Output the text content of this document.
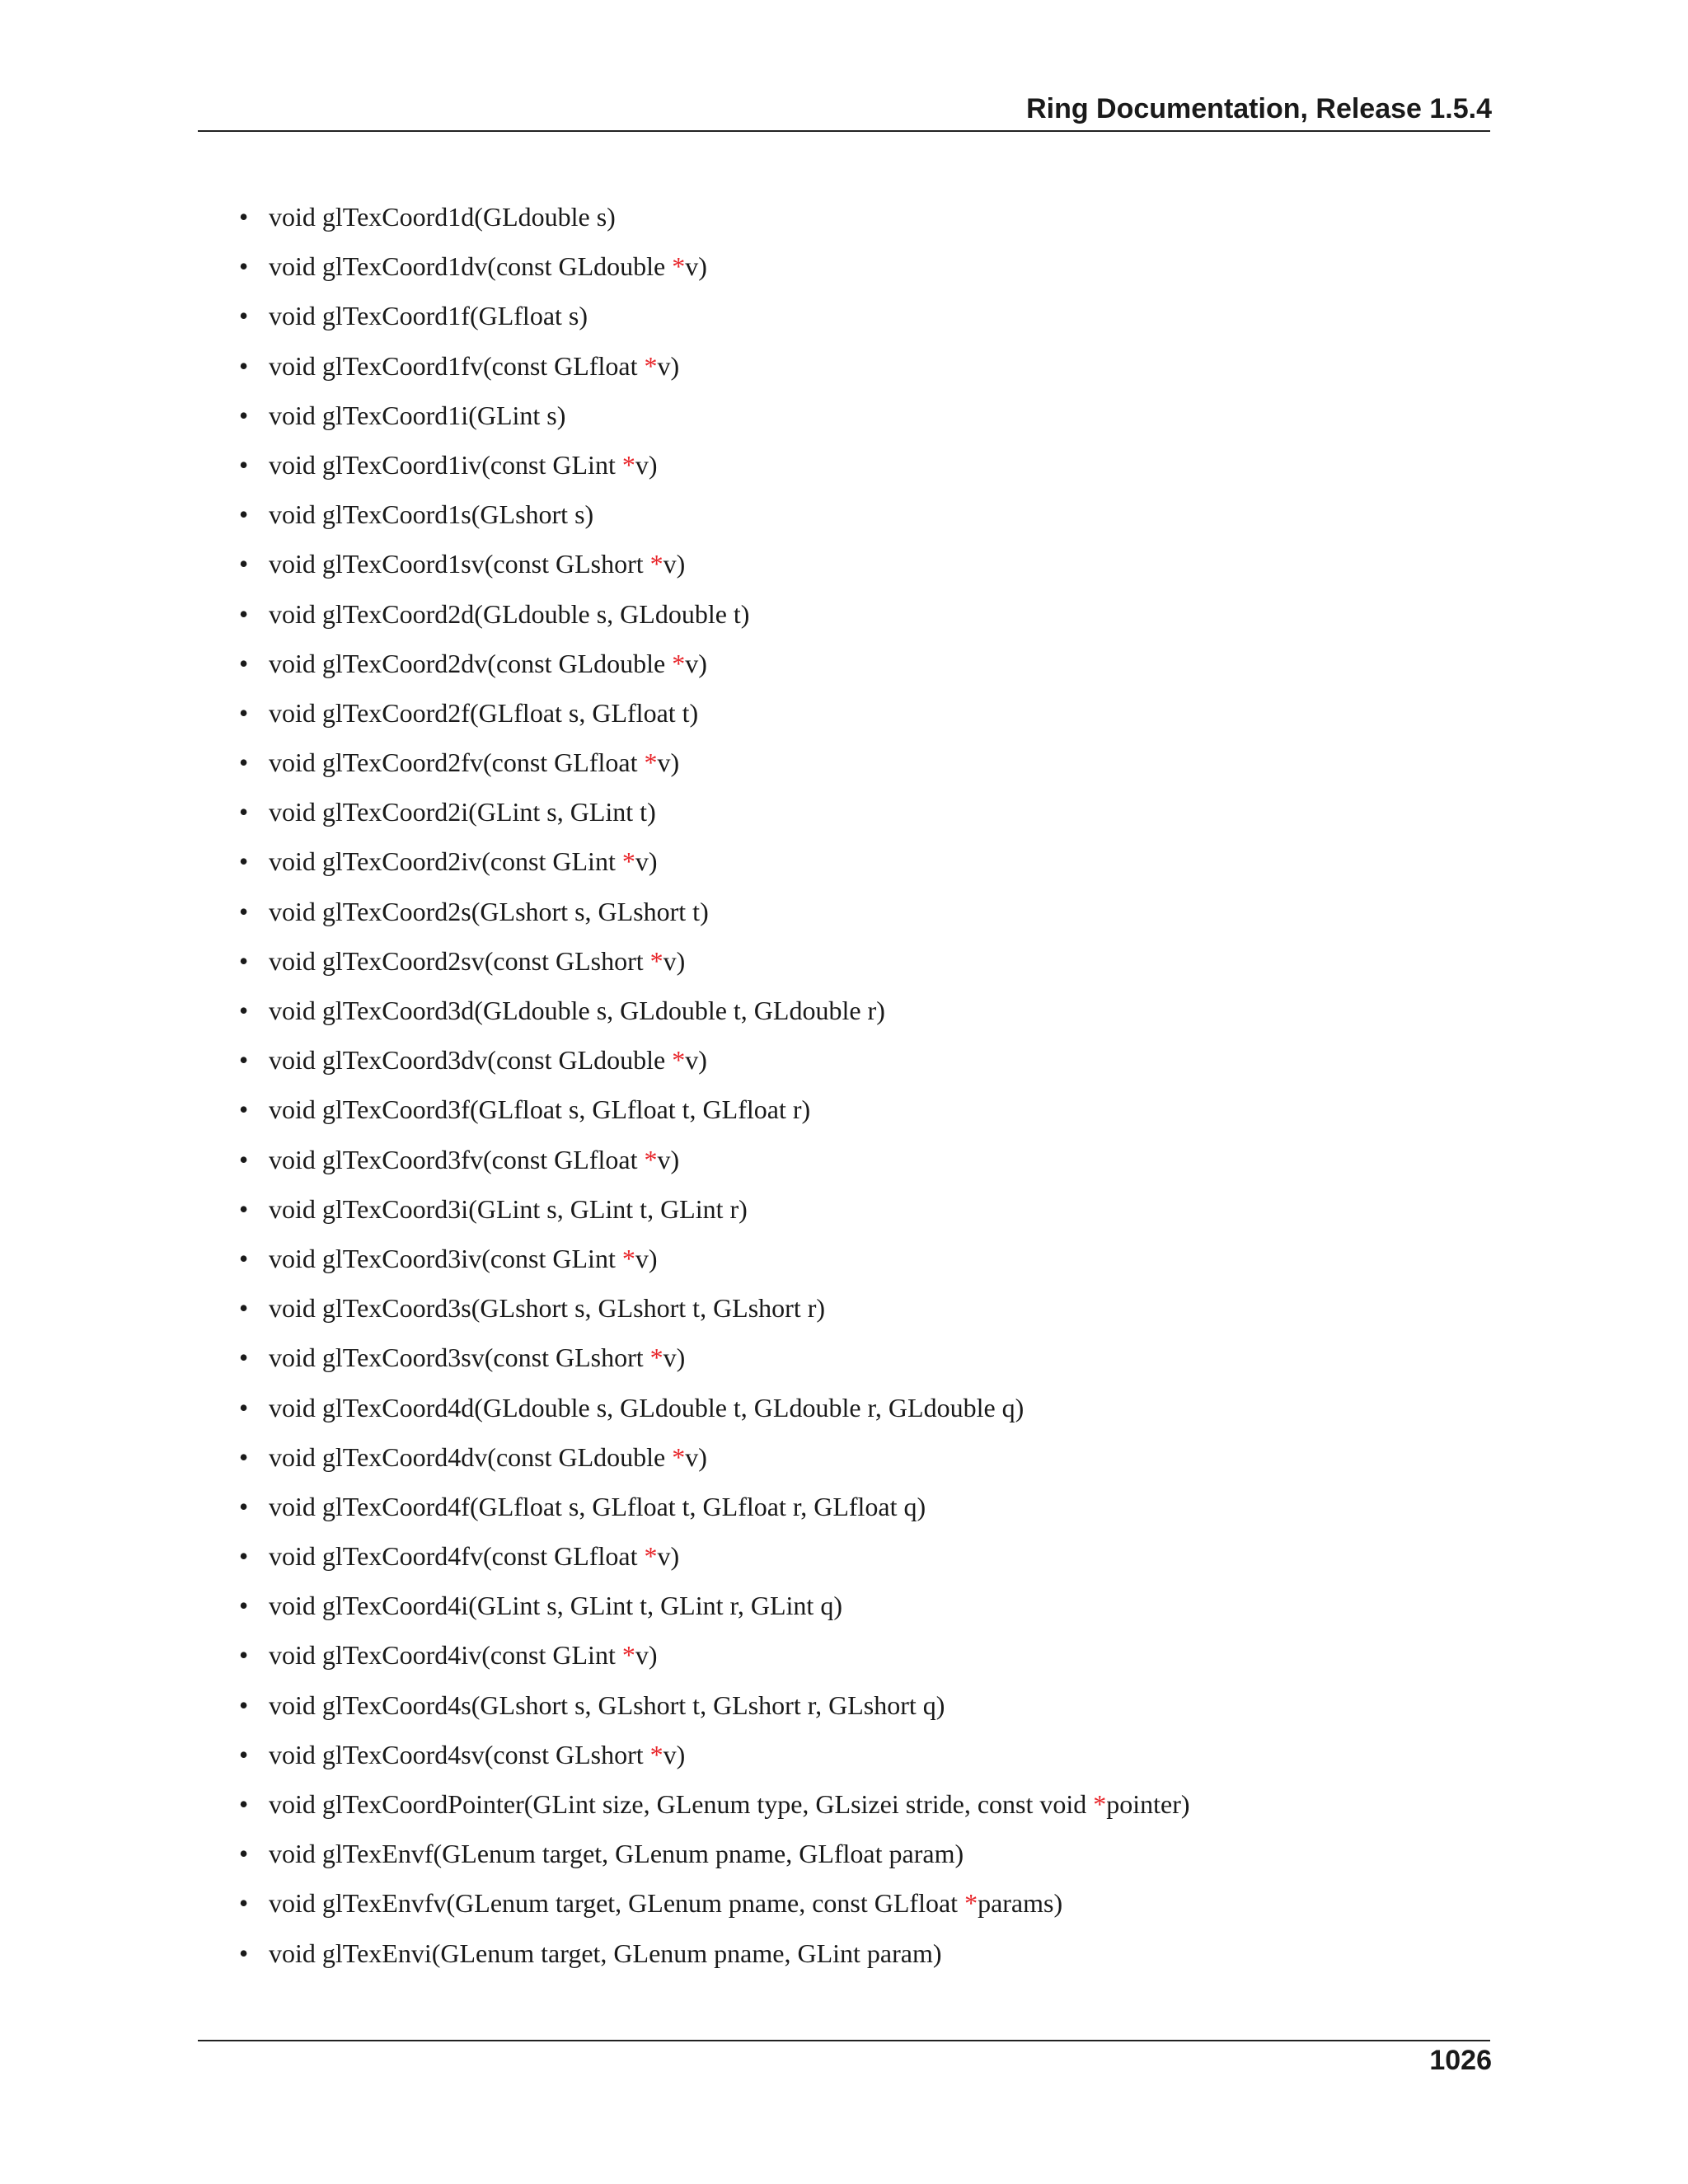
Ring Documentation, Release 1.5.4
• void glTexCoord1d(GLdouble s)
• void glTexCoord1dv(const GLdouble *v)
• void glTexCoord1f(GLfloat s)
• void glTexCoord1fv(const GLfloat *v)
• void glTexCoord1i(GLint s)
• void glTexCoord1iv(const GLint *v)
• void glTexCoord1s(GLshort s)
• void glTexCoord1sv(const GLshort *v)
• void glTexCoord2d(GLdouble s, GLdouble t)
• void glTexCoord2dv(const GLdouble *v)
• void glTexCoord2f(GLfloat s, GLfloat t)
• void glTexCoord2fv(const GLfloat *v)
• void glTexCoord2i(GLint s, GLint t)
• void glTexCoord2iv(const GLint *v)
• void glTexCoord2s(GLshort s, GLshort t)
• void glTexCoord2sv(const GLshort *v)
• void glTexCoord3d(GLdouble s, GLdouble t, GLdouble r)
• void glTexCoord3dv(const GLdouble *v)
• void glTexCoord3f(GLfloat s, GLfloat t, GLfloat r)
• void glTexCoord3fv(const GLfloat *v)
• void glTexCoord3i(GLint s, GLint t, GLint r)
• void glTexCoord3iv(const GLint *v)
• void glTexCoord3s(GLshort s, GLshort t, GLshort r)
• void glTexCoord3sv(const GLshort *v)
• void glTexCoord4d(GLdouble s, GLdouble t, GLdouble r, GLdouble q)
• void glTexCoord4dv(const GLdouble *v)
• void glTexCoord4f(GLfloat s, GLfloat t, GLfloat r, GLfloat q)
• void glTexCoord4fv(const GLfloat *v)
• void glTexCoord4i(GLint s, GLint t, GLint r, GLint q)
• void glTexCoord4iv(const GLint *v)
• void glTexCoord4s(GLshort s, GLshort t, GLshort r, GLshort q)
• void glTexCoord4sv(const GLshort *v)
• void glTexCoordPointer(GLint size, GLenum type, GLsizei stride, const void *pointer)
• void glTexEnvf(GLenum target, GLenum pname, GLfloat param)
• void glTexEnvfv(GLenum target, GLenum pname, const GLfloat *params)
• void glTexEnvi(GLenum target, GLenum pname, GLint param)
1026
